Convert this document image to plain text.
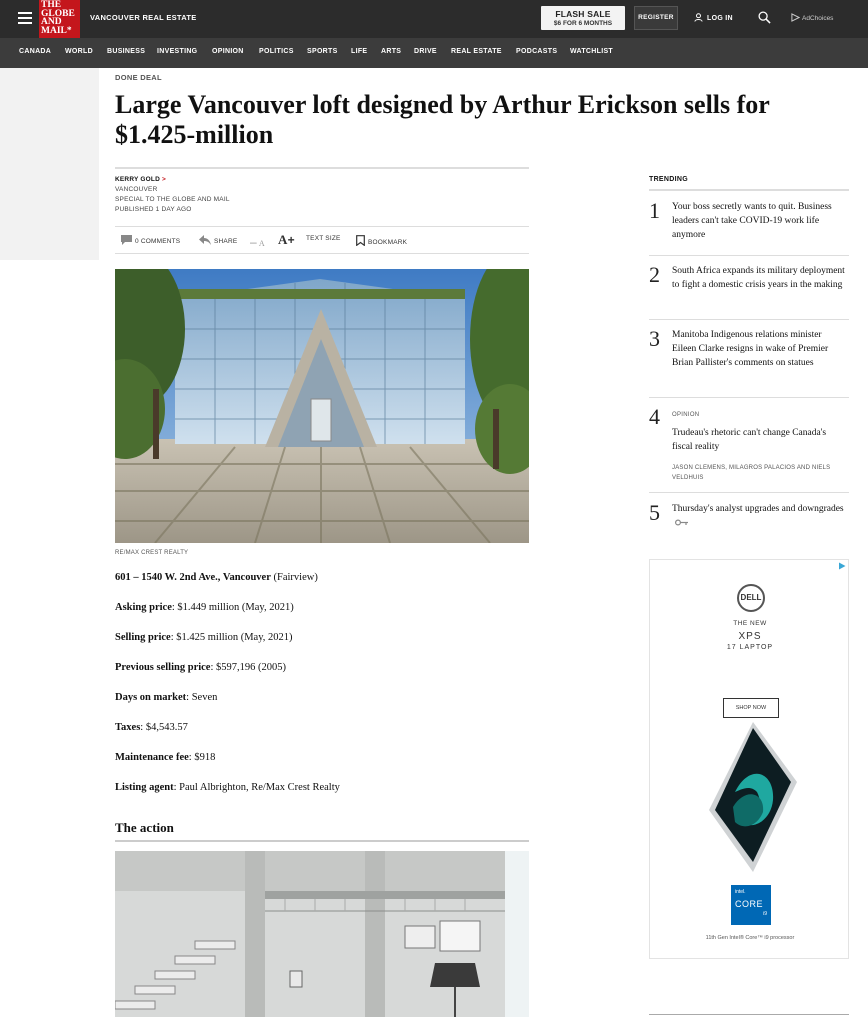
THE
GLOBE
AND
MAIL*
VANCOUVER REAL ESTATE	FLASH SALE
$6 FOR 6 MONTHS
REGISTER	LOG IN	AdChoices
CANADA WORLD BUSINESS INVESTING OPINION POLITICS SPORTS LIFE ARTS DRIVE REAL ESTATE PODCASTS WATCHLIST
DONE DEAL
Large Vancouver loft designed by Arthur Erickson sells for $1.425-million
KERRY GOLD >
VANCOUVER
SPECIAL TO THE GLOBE AND MAIL
PUBLISHED 1 DAY AGO
0 COMMENTS	SHARE – A A+ TEXT SIZE
BOOKMARK
RE/MAX CREST REALTY
601 – 1540 W. 2nd Ave., Vancouver (Fairview)
Asking price: $1.449 million (May, 2021)
Selling price: $1.425 million (May, 2021)
Previous selling price: $597,196 (2005)
Days on market: Seven
Taxes: $4,543.57
Maintenance fee: $918
Listing agent: Paul Albrighton, Re/Max Crest Realty
The action
TRENDING
1 Your boss secretly wants to quit. Business leaders can't take COVID-19 work life anymore
2 South Africa expands its military deployment to fight a domestic crisis years in the making
3 Manitoba Indigenous relations minister Eileen Clarke resigns in wake of Premier Brian Pallister's comments on statues
4 OPINION
Trudeau's rhetoric can't change Canada's fiscal reality
JASON CLEMENS, MILAGROS PALACIOS AND NIELS VELDHUIS
5 Thursday's analyst upgrades and downgrades
DELL
THE NEW
XPS
17 LAPTOP
SHOP NOW
intel.
CORE
i9
11th Gen Intel® Core™ i9 processor
